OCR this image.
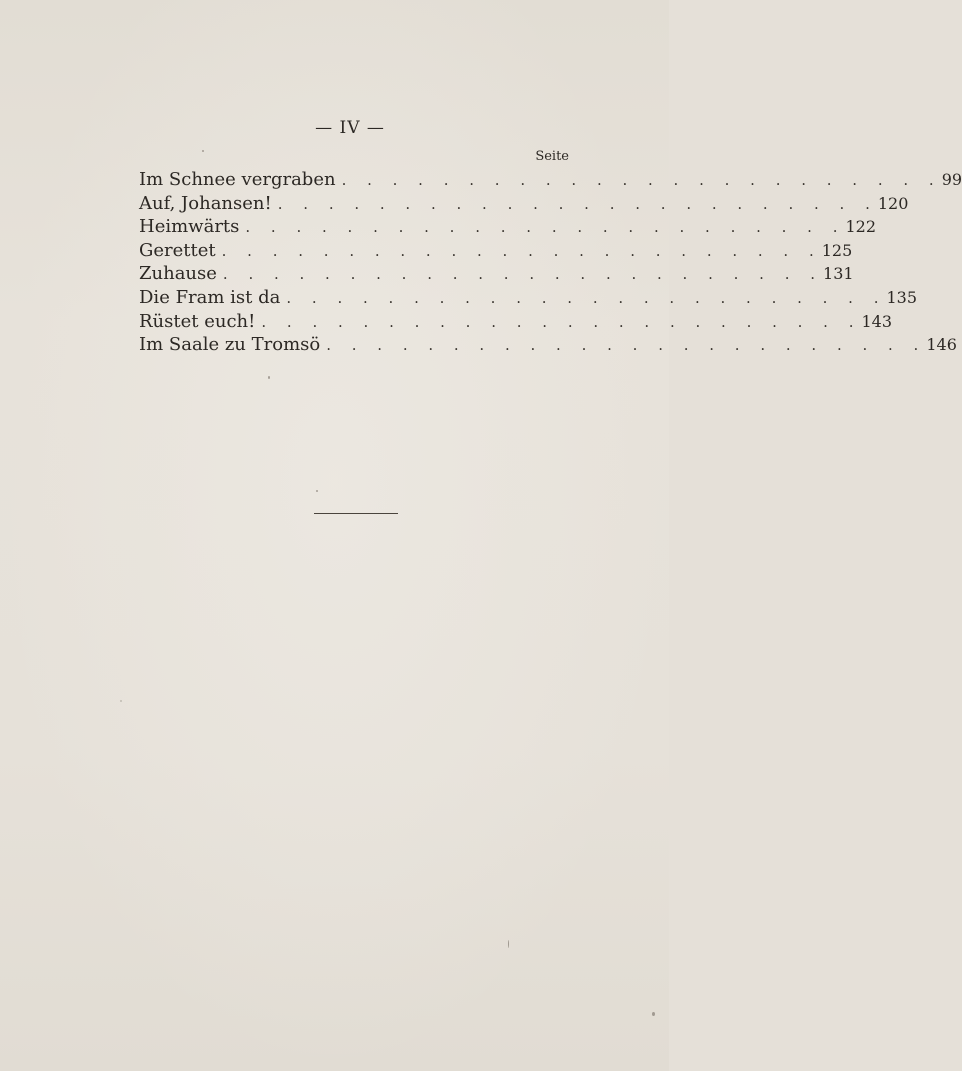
— IV —
Seite
Im Schnee vergraben . . . . . . . . . . . . . . . . . . . . . . . . 99
Auf, Johansen! . . . . . . . . . . . . . . . . . . . . . . . . 120
Heimwärts . . . . . . . . . . . . . . . . . . . . . . . . 122
Gerettet . . . . . . . . . . . . . . . . . . . . . . . . 125
Zuhause . . . . . . . . . . . . . . . . . . . . . . . . 131
Die Fram ist da . . . . . . . . . . . . . . . . . . . . . . . . 135
Rüstet euch! . . . . . . . . . . . . . . . . . . . . . . . . 143
Im Saale zu Tromsö . . . . . . . . . . . . . . . . . . . . . . . . 146
